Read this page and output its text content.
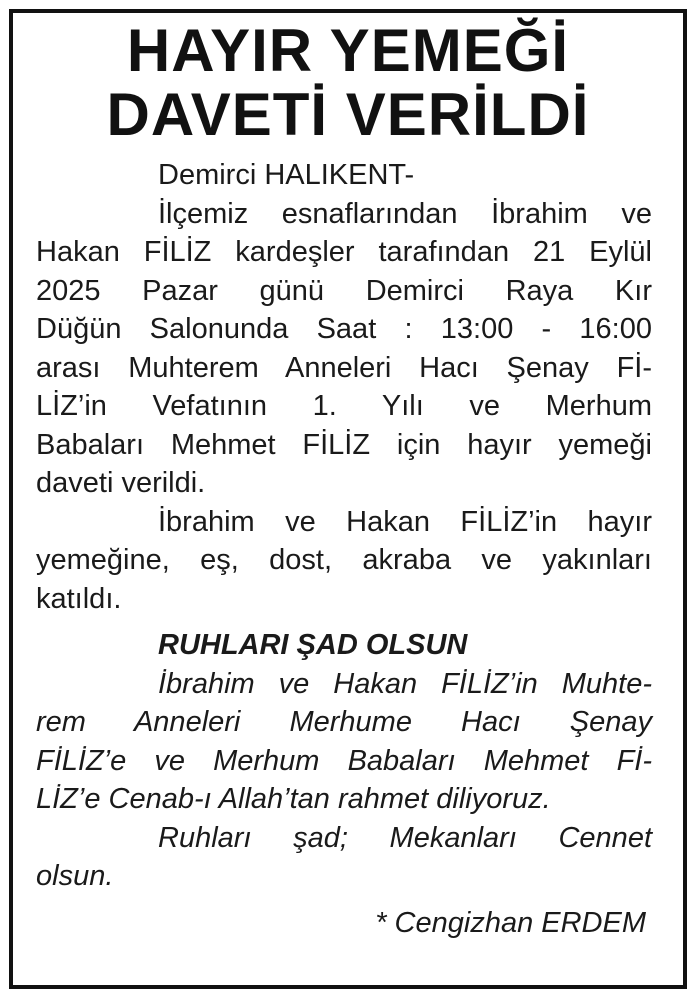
HAYIR YEMEĞİ
DAVETİ VERİLDİ
Demirci HALIKENT-
İlçemiz esnaflarından İbrahim ve
Hakan FİLİZ kardeşler tarafından 21 Eylül
2025 Pazar günü Demirci Raya Kır
Düğün Salonunda Saat : 13:00 - 16:00
arası Muhterem Anneleri Hacı Şenay Fİ-
LİZ’in Vefatının 1. Yılı ve Merhum
Babaları Mehmet FİLİZ için hayır yemeği
daveti verildi.
İbrahim ve Hakan FİLİZ’in hayır
yemeğine, eş, dost, akraba ve yakınları
katıldı.
RUHLARI ŞAD OLSUN
İbrahim ve Hakan FİLİZ’in Muhte-
rem Anneleri Merhume Hacı Şenay
FİLİZ’e ve Merhum Babaları Mehmet Fİ-
LİZ’e Cenab-ı Allah’tan rahmet diliyoruz.
Ruhları şad; Mekanları Cennet
olsun.
* Cengizhan ERDEM
